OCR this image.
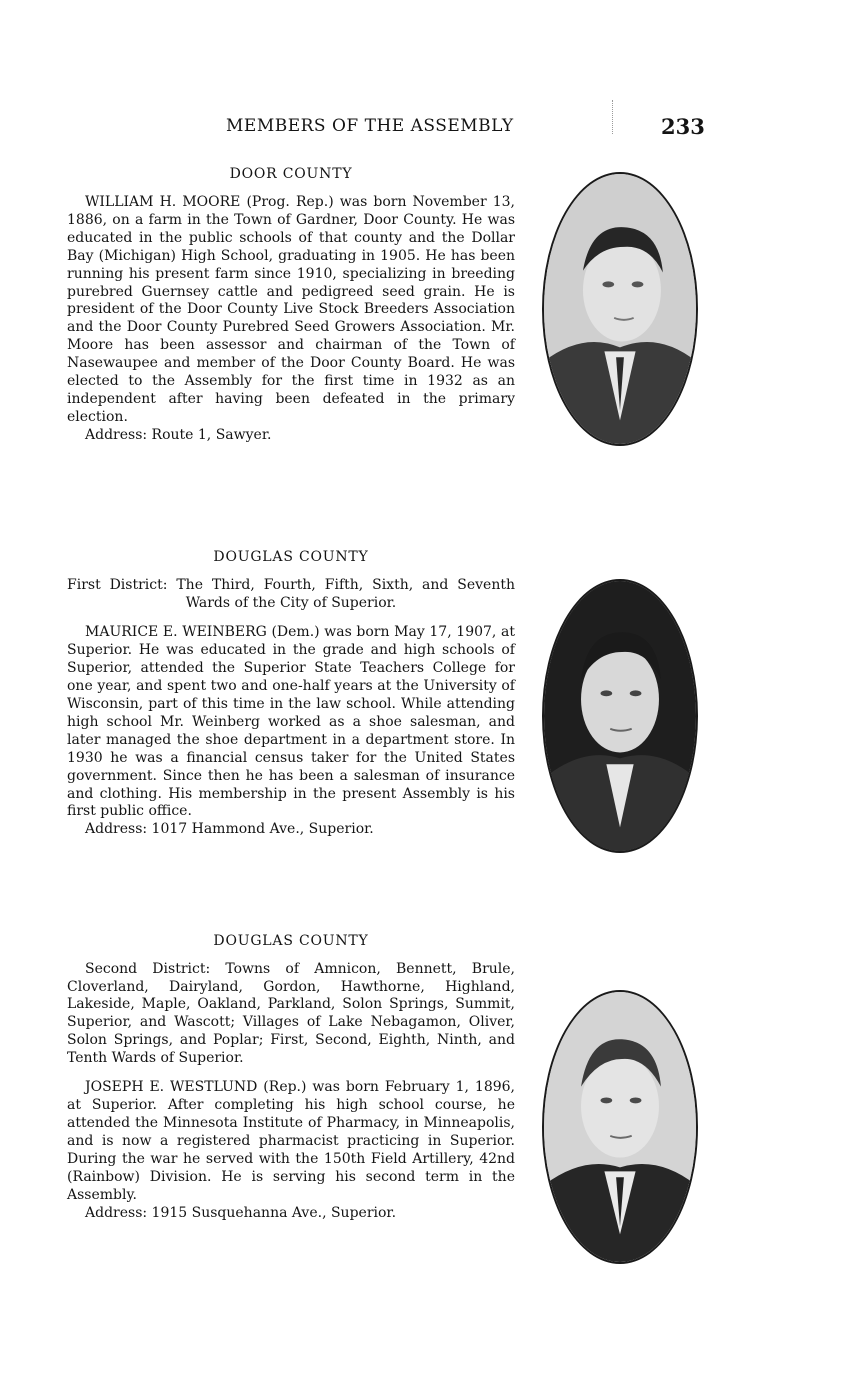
MEMBERS OF THE ASSEMBLY	233
DOOR COUNTY

WILLIAM H. MOORE (Prog. Rep.) was born November 13, 1886, on a farm in the Town of Gardner, Door County. He was educated in the public schools of that county and the Dollar Bay (Michigan) High School, graduating in 1905. He has been running his present farm since 1910, specializing in breeding purebred Guernsey cattle and pedigreed seed grain. He is president of the Door County Live Stock Breeders Association and the Door County Purebred Seed Growers Association. Mr. Moore has been assessor and chairman of the Town of Nasewaupee and member of the Door County Board. He was elected to the Assembly for the first time in 1932 as an independent after having been defeated in the primary election.

Address: Route 1, Sawyer.

DOUGLAS COUNTY

First District: The Third, Fourth, Fifth, Sixth, and Seventh Wards of the City of Superior.

MAURICE E. WEINBERG (Dem.) was born May 17, 1907, at Superior. He was educated in the grade and high schools of Superior, attended the Superior State Teachers College for one year, and spent two and one-half years at the University of Wisconsin, part of this time in the law school. While attending high school Mr. Weinberg worked as a shoe salesman, and later managed the shoe department in a department store. In 1930 he was a financial census taker for the United States government. Since then he has been a salesman of insurance and clothing. His membership in the present Assembly is his first public office.

Address: 1017 Hammond Ave., Superior.

DOUGLAS COUNTY

Second District: Towns of Amnicon, Bennett, Brule, Cloverland, Dairyland, Gordon, Hawthorne, Highland, Lakeside, Maple, Oakland, Parkland, Solon Springs, Summit, Superior, and Wascott; Villages of Lake Nebagamon, Oliver, Solon Springs, and Poplar; First, Second, Eighth, Ninth, and Tenth Wards of Superior.

JOSEPH E. WESTLUND (Rep.) was born February 1, 1896, at Superior. After completing his high school course, he attended the Minnesota Institute of Pharmacy, in Minneapolis, and is now a registered pharmacist practicing in Superior. During the war he served with the 150th Field Artillery, 42nd (Rainbow) Division. He is serving his second term in the Assembly.

Address: 1915 Susquehanna Ave., Superior.
